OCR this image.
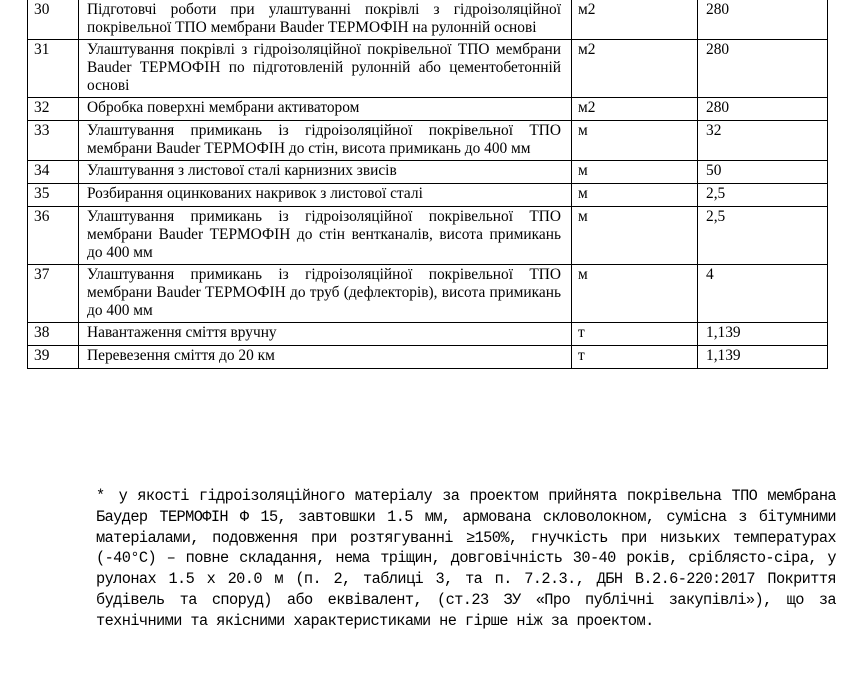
30	Підготовчі роботи при улаштуванні покрівлі з гідроізоляційної покрівельної ТПО мембрани Bauder ТЕРМОФІН на рулонній основі	м2	280
31	Улаштування покрівлі з гідроізоляційної покрівельної ТПО мембрани Bauder ТЕРМОФІН по підготовленій рулонній або цементобетонній основі	м2	280
32	Обробка поверхні мембрани активатором	м2	280
33	Улаштування примикань із гідроізоляційної покрівельної ТПО мембрани Bauder ТЕРМОФІН до стін, висота примикань до 400 мм	м	32
34	Улаштування з листової сталі карнизних звисів	м	50
35	Розбирання оцинкованих накривок з листової сталі	м	2,5
36	Улаштування примикань із гідроізоляційної покрівельної ТПО мембрани Bauder ТЕРМОФІН до стін вентканалів, висота примикань до 400 мм	м	2,5
37	Улаштування примикань із гідроізоляційної покрівельної ТПО мембрани Bauder ТЕРМОФІН до труб (дефлекторів), висота примикань до 400 мм	м	4
38	Навантаження сміття вручну	т	1,139
39	Перевезення сміття до 20 км	т	1,139
* у якості гідроізоляційного матеріалу за проектом прийнята покрівельна ТПО мембрана Баудер ТЕРМОФІН Ф 15, завтовшки 1.5 мм, армована скловолокном, сумісна з бітумними матеріалами, подовження при розтягуванні ≥150%, гнучкість при низьких температурах (-40°С) – повне складання, нема тріщин, довговічність 30-40 років, сріблясто-сіра, у рулонах 1.5 х 20.0 м (п. 2, таблиці 3, та п. 7.2.3., ДБН В.2.6-220:2017 Покриття будівель та споруд) або еквівалент, (ст.23 ЗУ «Про публічні закупівлі»), що за технічними та якісними характеристиками не гірше ніж за проектом.
